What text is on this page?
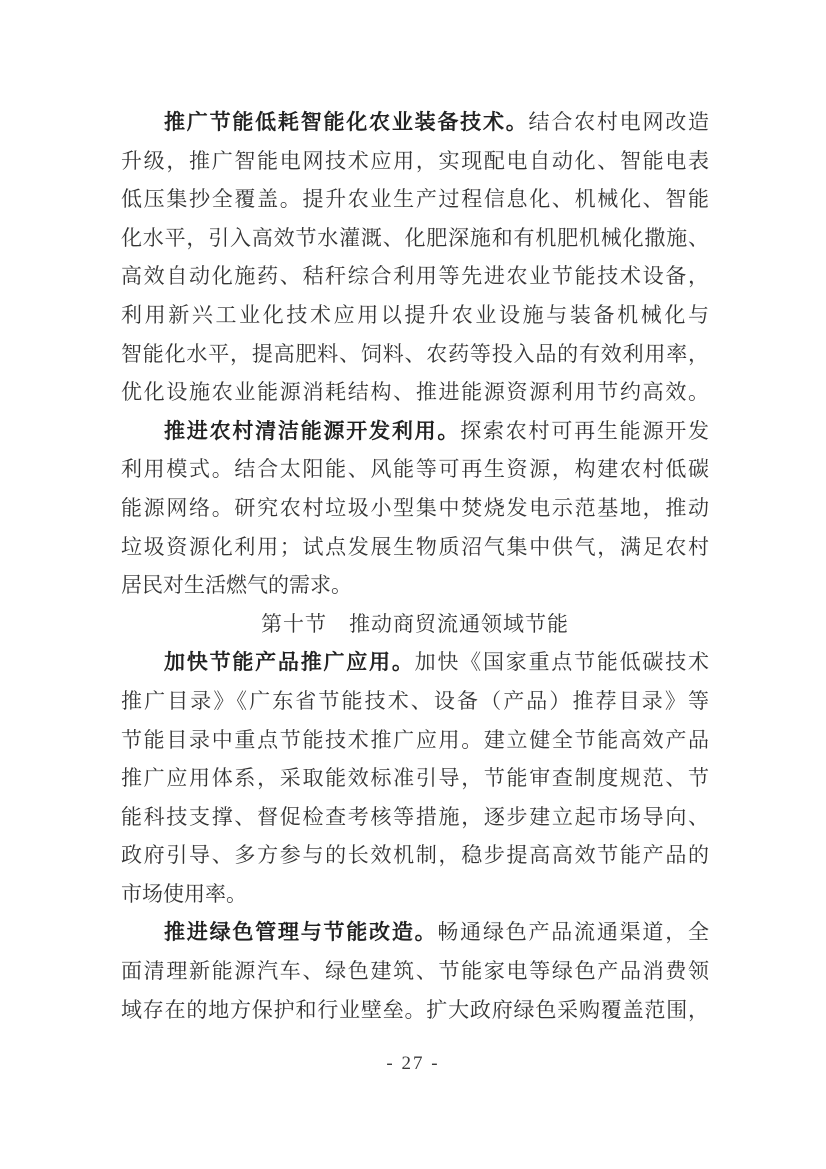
推广节能低耗智能化农业装备技术。结合农村电网改造
升级，推广智能电网技术应用，实现配电自动化、智能电表
低压集抄全覆盖。提升农业生产过程信息化、机械化、智能
化水平，引入高效节水灌溉、化肥深施和有机肥机械化撒施、
高效自动化施药、秸秆综合利用等先进农业节能技术设备，
利用新兴工业化技术应用以提升农业设施与装备机械化与
智能化水平，提高肥料、饲料、农药等投入品的有效利用率，
优化设施农业能源消耗结构、推进能源资源利用节约高效。
推进农村清洁能源开发利用。探索农村可再生能源开发
利用模式。结合太阳能、风能等可再生资源，构建农村低碳
能源网络。研究农村垃圾小型集中焚烧发电示范基地，推动
垃圾资源化利用；试点发展生物质沼气集中供气，满足农村
居民对生活燃气的需求。
第十节　推动商贸流通领域节能
加快节能产品推广应用。加快《国家重点节能低碳技术
推广目录》《广东省节能技术、设备（产品）推荐目录》等
节能目录中重点节能技术推广应用。建立健全节能高效产品
推广应用体系，采取能效标准引导，节能审查制度规范、节
能科技支撑、督促检查考核等措施，逐步建立起市场导向、
政府引导、多方参与的长效机制，稳步提高高效节能产品的
市场使用率。
推进绿色管理与节能改造。畅通绿色产品流通渠道，全
面清理新能源汽车、绿色建筑、节能家电等绿色产品消费领
域存在的地方保护和行业壁垒。扩大政府绿色采购覆盖范围，
- 27 -
